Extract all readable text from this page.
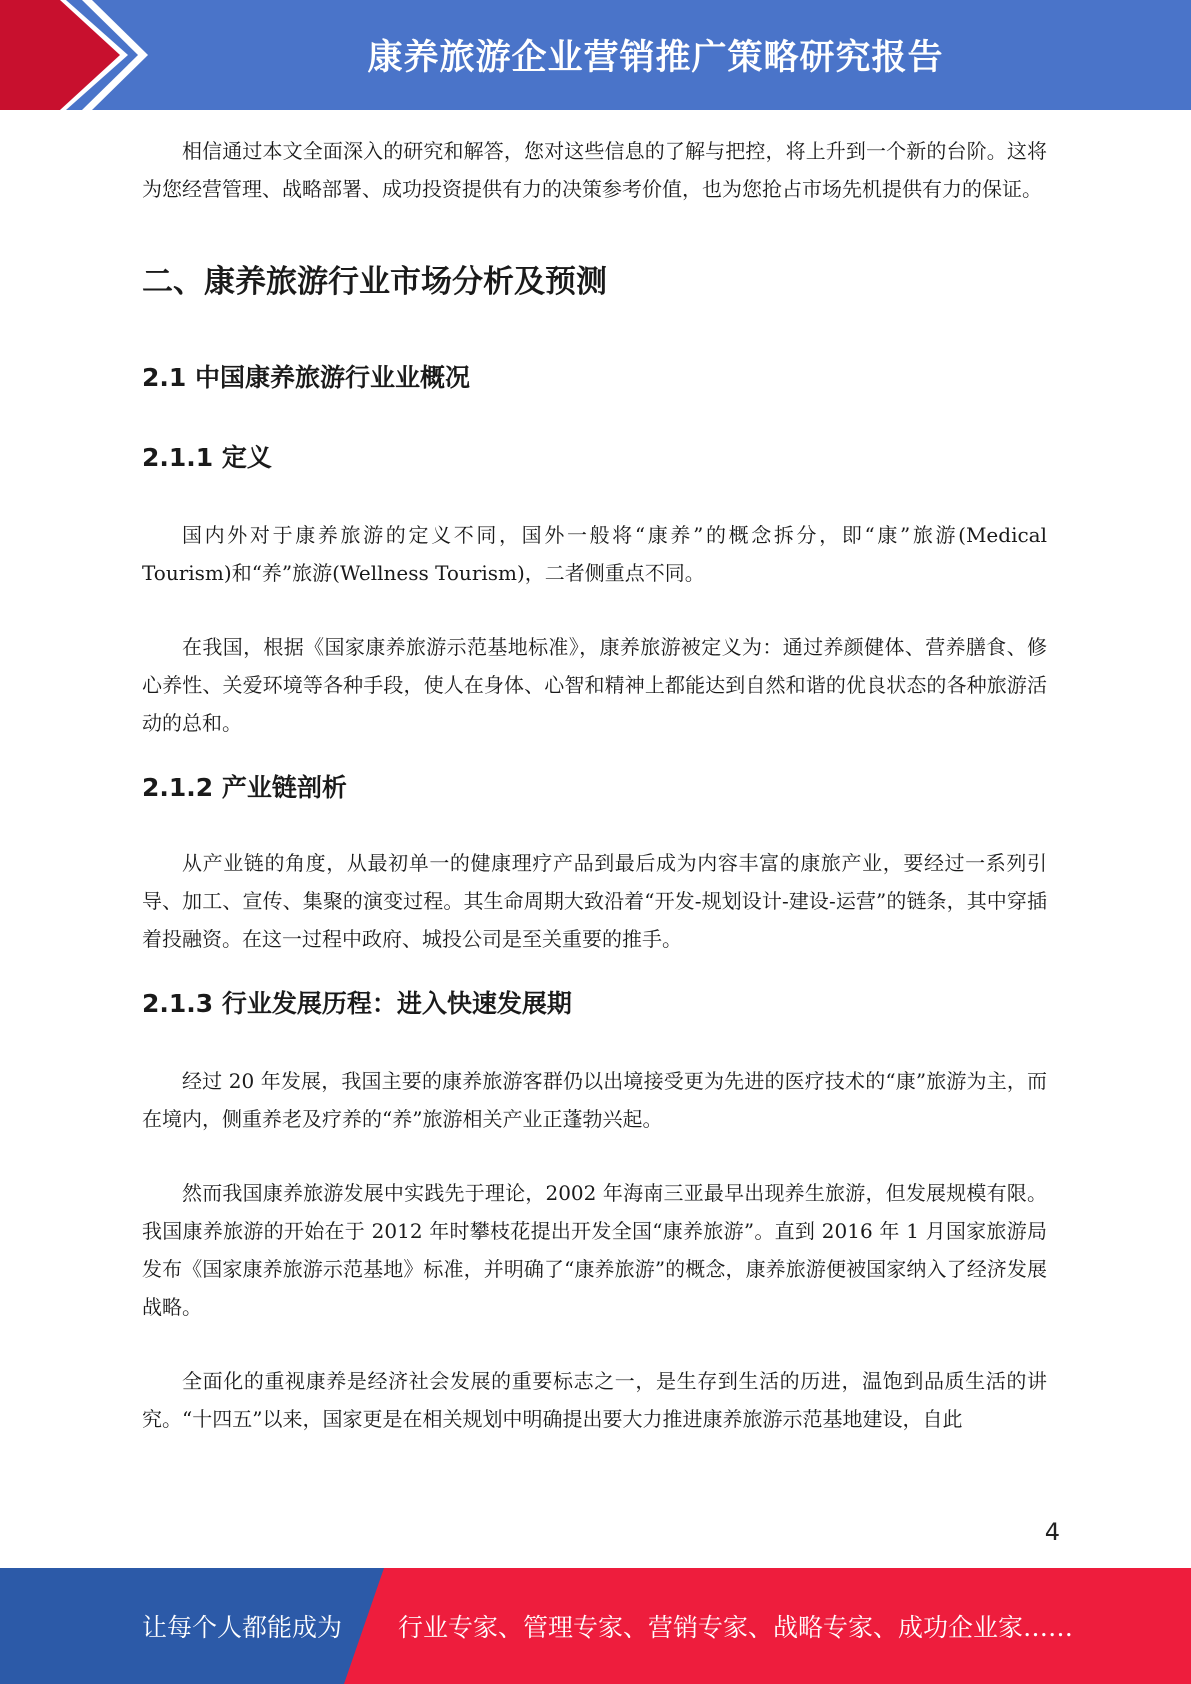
康养旅游企业营销推广策略研究报告

相信通过本文全面深入的研究和解答，您对这些信息的了解与把控，将上升到一个新的台阶。这将为您经营管理、战略部署、成功投资提供有力的决策参考价值，也为您抢占市场先机提供有力的保证。

二、康养旅游行业市场分析及预测
2.1 中国康养旅游行业业概况
2.1.1 定义

国内外对于康养旅游的定义不同，国外一般将“康养”的概念拆分，即“康”旅游(Medical Tourism)和“养”旅游(Wellness Tourism)，二者侧重点不同。

在我国，根据《国家康养旅游示范基地标准》，康养旅游被定义为：通过养颜健体、营养膳食、修心养性、关爱环境等各种手段，使人在身体、心智和精神上都能达到自然和谐的优良状态的各种旅游活动的总和。

2.1.2 产业链剖析

从产业链的角度，从最初单一的健康理疗产品到最后成为内容丰富的康旅产业，要经过一系列引导、加工、宣传、集聚的演变过程。其生命周期大致沿着“开发-规划设计-建设-运营”的链条，其中穿插着投融资。在这一过程中政府、城投公司是至关重要的推手。

2.1.3 行业发展历程：进入快速发展期

经过 20 年发展，我国主要的康养旅游客群仍以出境接受更为先进的医疗技术的“康”旅游为主，而在境内，侧重养老及疗养的“养”旅游相关产业正蓬勃兴起。

然而我国康养旅游发展中实践先于理论，2002 年海南三亚最早出现养生旅游，但发展规模有限。我国康养旅游的开始在于 2012 年时攀枝花提出开发全国“康养旅游”。直到 2016 年 1 月国家旅游局发布《国家康养旅游示范基地》标准，并明确了“康养旅游”的概念，康养旅游便被国家纳入了经济发展战略。

全面化的重视康养是经济社会发展的重要标志之一，是生存到生活的历进，温饱到品质生活的讲究。“十四五”以来，国家更是在相关规划中明确提出要大力推进康养旅游示范基地建设，自此

4
让每个人都能成为 行业专家、管理专家、营销专家、战略专家、成功企业家……
